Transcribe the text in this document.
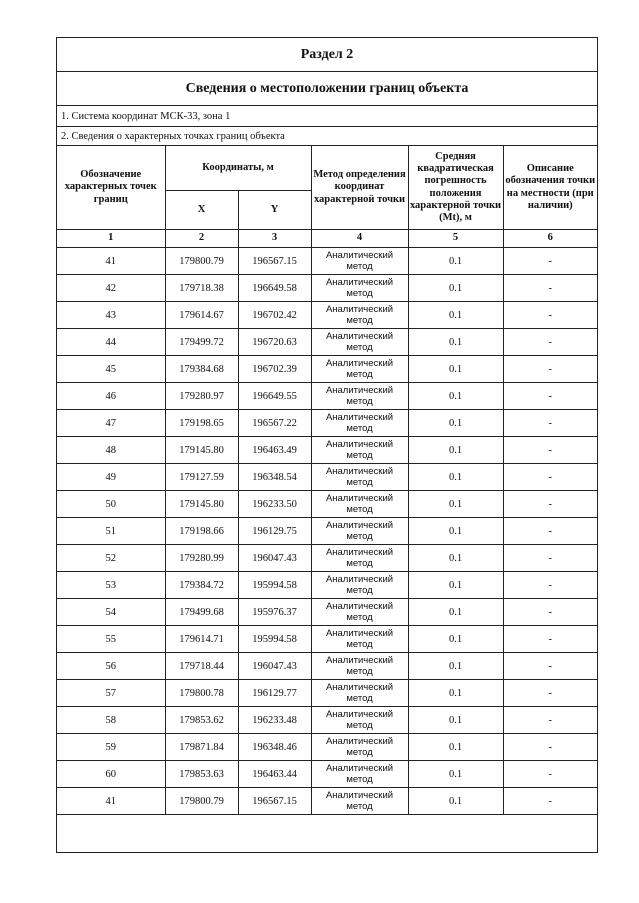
Раздел 2
Сведения о местоположении границ объекта
1. Система координат МСК-33, зона 1
2. Сведения о характерных точках границ объекта
Обозначение характерных точек границ	Координаты, м		Метод определения координат характерной точки	Средняя квадратическая погрешность положения характерной точки (Mt), м	Описание обозначения точки на местности (при наличии)
	X	Y			
1	2	3	4	5	6
41	179800.79	196567.15	Аналитический метод	0.1	-
42	179718.38	196649.58	Аналитический метод	0.1	-
43	179614.67	196702.42	Аналитический метод	0.1	-
44	179499.72	196720.63	Аналитический метод	0.1	-
45	179384.68	196702.39	Аналитический метод	0.1	-
46	179280.97	196649.55	Аналитический метод	0.1	-
47	179198.65	196567.22	Аналитический метод	0.1	-
48	179145.80	196463.49	Аналитический метод	0.1	-
49	179127.59	196348.54	Аналитический метод	0.1	-
50	179145.80	196233.50	Аналитический метод	0.1	-
51	179198.66	196129.75	Аналитический метод	0.1	-
52	179280.99	196047.43	Аналитический метод	0.1	-
53	179384.72	195994.58	Аналитический метод	0.1	-
54	179499.68	195976.37	Аналитический метод	0.1	-
55	179614.71	195994.58	Аналитический метод	0.1	-
56	179718.44	196047.43	Аналитический метод	0.1	-
57	179800.78	196129.77	Аналитический метод	0.1	-
58	179853.62	196233.48	Аналитический метод	0.1	-
59	179871.84	196348.46	Аналитический метод	0.1	-
60	179853.63	196463.44	Аналитический метод	0.1	-
41	179800.79	196567.15	Аналитический метод	0.1	-
